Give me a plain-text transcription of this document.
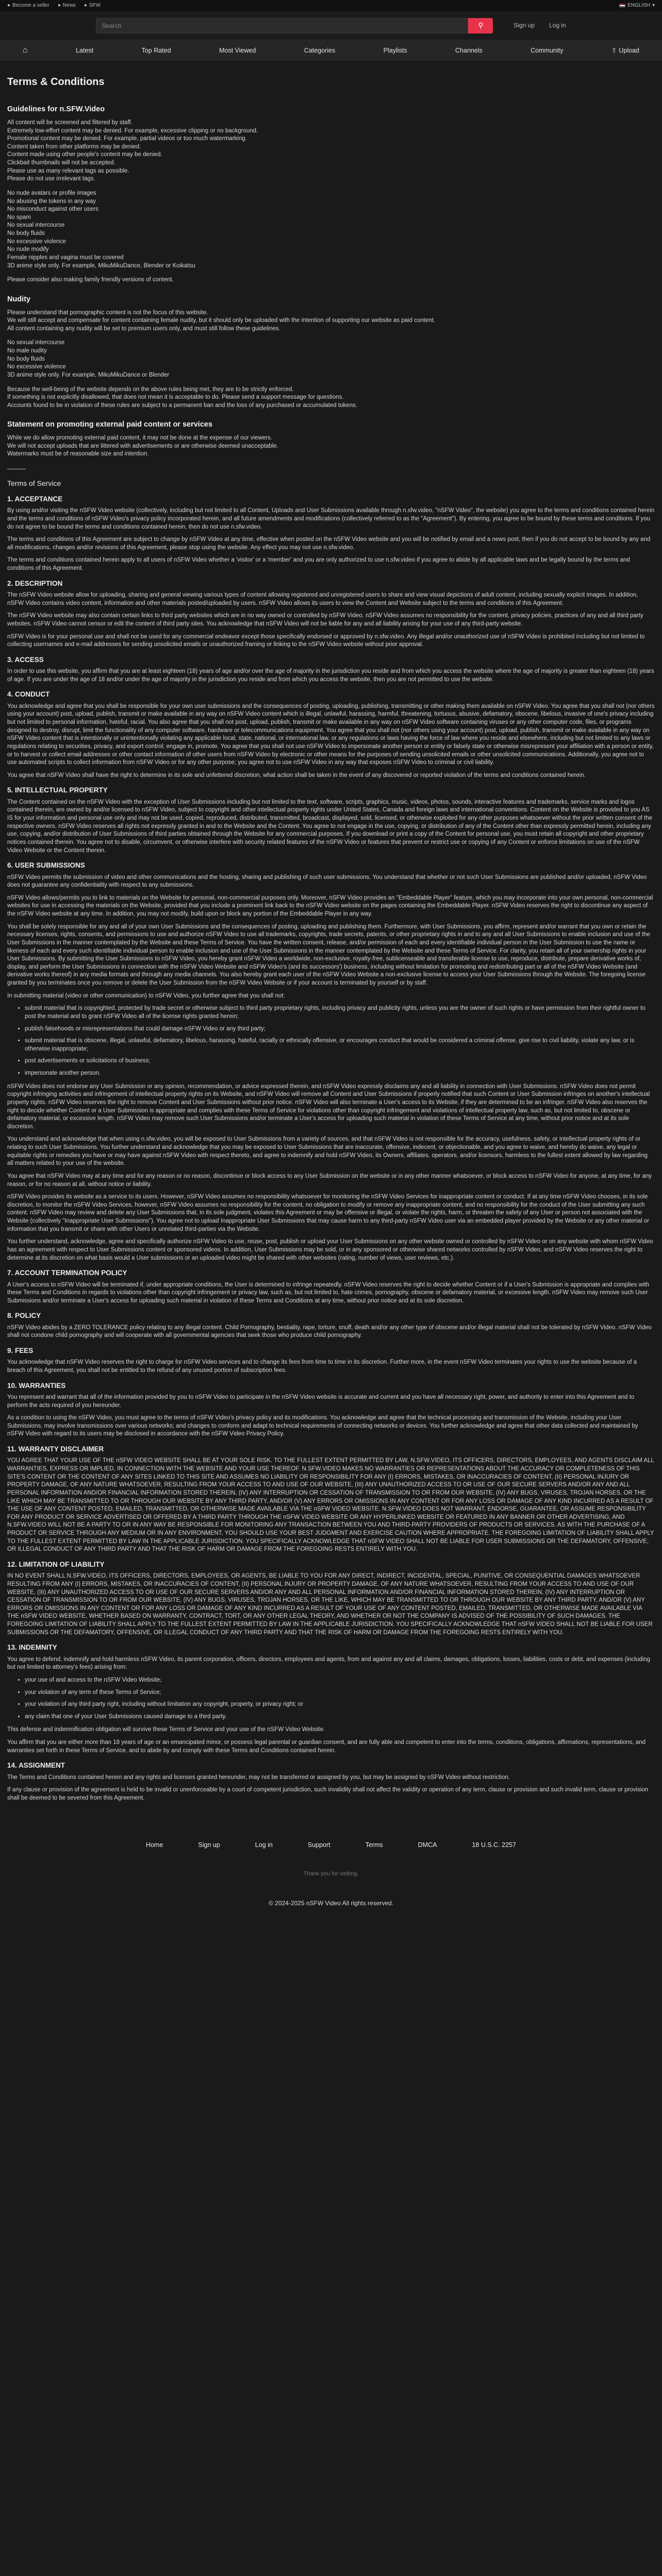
● Become a seller ● News ● SFW	ENGLISH ▾
Search
⚲	Sign up Log in
⌂	Latest	Top Rated	Most Viewed	Categories	Playlists	Channels	Community	⇧ Upload
Terms & Conditions
Guidelines for n.SFW.Video

All content will be screened and filtered by staff.

Extremely low-effort content may be denied. For example, excessive clipping or no background.

Promotional content may be denied. For example, partial videos or too much watermarking.

Content taken from other platforms may be denied.

Content made using other people's content may be denied.

Clickbait thumbnails will not be accepted.

Please use as many relevant tags as possible.

Please do not use irrelevant tags.

No nude avatars or profile images

No abusing the tokens in any way

No misconduct against other users

No spam

No sexual intercourse

No body fluids

No excessive violence

No nude modify

Female nipples and vagina must be covered

3D anime style only. For example, MikuMikuDance, Blender or Koikatsu

Please consider also making family friendly versions of content.

Nudity

Please understand that pornographic content is not the focus of this website.

We will still accept and compensate for content containing female nudity, but it should only be uploaded with the intention of supporting our website as paid content.

All content containing any nudity will be set to premium users only, and must still follow these guidelines.

No sexual intercourse

No male nudity

No body fluids

No excessive violence

3D anime style only. For example, MikuMikuDance or Blender

Because the well-being of the website depends on the above rules being met, they are to be strictly enforced.

If something is not explicitly disallowed, that does not mean it is acceptable to do. Please send a support message for questions.

Accounts found to be in violation of these rules are subject to a permanent ban and the loss of any purchased or accumulated tokens.

Statement on promoting external paid content or services

While we do allow promoting external paid content, it may not be done at the expense of our viewers.

We will not accept uploads that are littered with advertisements or are otherwise deemed unacceptable.

Watermarks must be of reasonable size and intention.

Terms of Service
1. ACCEPTANCE

By using and/or visiting the nSFW Video website (collectively, including but not limited to all Content, Uploads and User Submissions available through n.sfw.video, "nSFW Video", the website) you agree to the terms and conditions contained herein and the terms and conditions of nSFW Video's privacy policy incorporated herein, and all future amendments and modifications (collectively referred to as the "Agreement"). By entering, you agree to be bound by these terms and conditions. If you do not agree to be bound the terms and conditions contained herein, then do not use n.sfw.video.

The terms and conditions of this Agreement are subject to change by nSFW Video at any time, effective when posted on the nSFW Video website and you will be notified by email and a news post, then if you do not accept to be bound by any and all modifications, changes and/or revisions of this Agreement, please stop using the website. Any effect you may not use n.sfw.video.

The terms and conditions contained herein apply to all users of nSFW Video whether a 'visitor' or a 'member' and you are only authorized to use n.sfw.video if you agree to abide by all applicable laws and be legally bound by the terms and conditions of this Agreement.

2. DESCRIPTION

The nSFW Video website allow for uploading, sharing and general viewing various types of content allowing registered and unregistered users to share and view visual depictions of adult content, including sexually explicit images. In addition, nSFW Video contains video content, information and other materials posted/uploaded by users. nSFW Video allows its users to view the Content and Website subject to the terms and conditions of this Agreement.

The nSFW Video website may also contain certain links to third party websites which are in no way owned or controlled by nSFW Video. nSFW Video assumes no responsibility for the content, privacy policies, practices of any and all third party websites. nSFW Video cannot censor or edit the content of third party sites. You acknowledge that nSFW Video will not be liable for any and all liability arising for your use of any third-party website.

nSFW Video is for your personal use and shall not be used for any commercial endeavor except those specifically endorsed or approved by n.sfw.video. Any illegal and/or unauthorized use of nSFW Video is prohibited including but not limited to collecting usernames and e-mail addresses for sending unsolicited emails or unauthorized framing or linking to the nSFW Video website without prior approval.

3. ACCESS

In order to use this website, you affirm that you are at least eighteen (18) years of age and/or over the age of majority in the jurisdiction you reside and from which you access the website where the age of majority is greater than eighteen (18) years of age. If you are under the age of 18 and/or under the age of majority in the jurisdiction you reside and from which you access the website, then you are not permitted to use the website.

4. CONDUCT

You acknowledge and agree that you shall be responsible for your own user submissions and the consequences of posting, uploading, publishing, transmitting or other making them available on nSFW Video. You agree that you shall not (nor others using your account) post, upload, publish, transmit or make available in any way on nSFW Video content which is illegal, unlawful, harassing, harmful, threatening, tortuous, abusive, defamatory, obscene, libelous, invasive of one's privacy including but not limited to personal information, hateful, racial. You also agree that you shall not post, upload, publish, transmit or make available in any way on nSFW Video software containing viruses or any other computer code, files, or programs designed to destroy, disrupt, limit the functionality of any computer software, hardware or telecommunications equipment. You agree that you shall not (nor others using your account) post, upload, publish, transmit or make available in any way on nSFW Video content that is intentionally or unintentionally violating any applicable local, state, national, or international law, or any regulations or laws having the force of law where you reside and elsewhere, including but not limited to any laws or regulations relating to securities, privacy, and export control; engage in, promote. You agree that you shall not use nSFW Video to impersonate another person or entity or falsely state or otherwise misrepresent your affiliation with a person or entity, or to harvest or collect email addresses or other contact information of other users from nSFW Video by electronic or other means for the purposes of sending unsolicited emails or other unsolicited communications. Additionally, you agree not to use automated scripts to collect information from nSFW Video or for any other purpose; you agree not to use nSFW Video in any way that exposes nSFW Video to criminal or civil liability.

You agree that nSFW Video shall have the right to determine in its sole and unfettered discretion, what action shall be taken in the event of any discovered or reported violation of the terms and conditions contained herein.

5. INTELLECTUAL PROPERTY

The Content contained on the nSFW Video with the exception of User Submissions including but not limited to the text, software, scripts, graphics, music, videos, photos, sounds, interactive features and trademarks, service marks and logos contained therein, are owned by and/or licensed to nSFW Video, subject to copyright and other intellectual property rights under United States, Canada and foreign laws and international conventions. Content on the Website is provided to you AS IS for your information and personal use only and may not be used, copied, reproduced, distributed, transmitted, broadcast, displayed, sold, licensed, or otherwise exploited for any other purposes whatsoever without the prior written consent of the respective owners. nSFW Video reserves all rights not expressly granted in and to the Website and the Content. You agree to not engage in the use, copying, or distribution of any of the Content other than expressly permitted herein, including any use, copying, and/or distribution of User Submissions of third parties obtained through the Website for any commercial purposes. If you download or print a copy of the Content for personal use, you must retain all copyright and other proprietary notices contained therein. You agree not to disable, circumvent, or otherwise interfere with security related features of the nSFW Video or features that prevent or restrict use or copying of any Content or enforce limitations on use of the nSFW Video Website or the Content therein.

6. USER SUBMISSIONS

nSFW Video permits the submission of video and other communications and the hosting, sharing and publishing of such user submissions. You understand that whether or not such User Submissions are published and/or uploaded, nSFW Video does not guarantee any confidentiality with respect to any submissions.

nSFW Video allows/permits you to link to materials on the Website for personal, non-commercial purposes only. Moreover, nSFW Video provides an "Embeddable Player" feature, which you may incorporate into your own personal, non-commercial websites for use in accessing the materials on the Website, provided that you include a prominent link back to the nSFW Video website on the pages containing the Embeddable Player. nSFW Video reserves the right to discontinue any aspect of the nSFW Video website at any time. In addition, you may not modify, build upon or block any portion of the Embeddable Player in any way.

You shall be solely responsible for any and all of your own User Submissions and the consequences of posting, uploading and publishing them. Furthermore, with User Submissions, you affirm, represent and/or warrant that you own or retain the necessary licenses, rights, consents, and permissions to use and authorize nSFW Video to use all trademarks, copyrights, trade secrets, patents, or other proprietary rights in and to any and all User Submissions to enable inclusion and use of the User Submissions in the manner contemplated by the Website and these Terms of Service. You have the written consent, release, and/or permission of each and every identifiable individual person in the User Submission to use the name or likeness of each and every such identifiable individual person to enable inclusion and use of the User Submissions in the manner contemplated by the Website and these Terms of Service. For clarity, you retain all of your ownership rights in your User Submissions. By submitting the User Submissions to nSFW Video, you hereby grant nSFW Video a worldwide, non-exclusive, royalty-free, sublicenseable and transferable license to use, reproduce, distribute, prepare derivative works of, display, and perform the User Submissions in connection with the nSFW Video Website and nSFW Video's (and its successors') business, including without limitation for promoting and redistributing part or all of the nSFW Video Website (and derivative works thereof) in any media formats and through any media channels. You also hereby grant each user of the nSFW Video Website a non-exclusive license to access your User Submissions through the Website. The foregoing license granted by you terminates once you remove or delete the User Submission from the nSFW Video Website or if your account is terminated by yourself or by staff.

In submitting material (video or other communication) to nSFW Video, you further agree that you shall not:

• submit material that is copyrighted, protected by trade secret or otherwise subject to third party proprietary rights, including privacy and publicity rights, unless you are the owner of such rights or have permission from their rightful owner to post the material and to grant nSFW Video all of the license rights granted herein;
• publish falsehoods or misrepresentations that could damage nSFW Video or any third party;
• submit material that is obscene, illegal, unlawful, defamatory, libelous, harassing, hateful, racially or ethnically offensive, or encourages conduct that would be considered a criminal offense, give rise to civil liability, violate any law, or is otherwise inappropriate;
• post advertisements or solicitations of business;
• impersonate another person.

nSFW Video does not endorse any User Submission or any opinion, recommendation, or advice expressed therein, and nSFW Video expressly disclaims any and all liability in connection with User Submissions. nSFW Video does not permit copyright infringing activities and infringement of intellectual property rights on its Website, and nSFW Video will remove all Content and User Submissions if properly notified that such Content or User Submission infringes on another's intellectual property rights. nSFW Video reserves the right to remove Content and User Submissions without prior notice. nSFW Video will also terminate a User's access to its Website, if they are determined to be an infringer. nSFW Video also reserves the right to decide whether Content or a User Submission is appropriate and complies with these Terms of Service for violations other than copyright infringement and violations of intellectual property law, such as, but not limited to, obscene or defamatory material, or excessive length. nSFW Video may remove such User Submissions and/or terminate a User's access for uploading such material in violation of these Terms of Service at any time, without prior notice and at its sole discretion.

You understand and acknowledge that when using n.sfw.video, you will be exposed to User Submissions from a variety of sources, and that nSFW Video is not responsible for the accuracy, usefulness, safety, or intellectual property rights of or relating to such User Submissions. You further understand and acknowledge that you may be exposed to User Submissions that are inaccurate, offensive, indecent, or objectionable, and you agree to waive, and hereby do waive, any legal or equitable rights or remedies you have or may have against nSFW Video with respect thereto, and agree to indemnify and hold nSFW Video, its Owners, affiliates, operators, and/or licensors, harmless to the fullest extent allowed by law regarding all matters related to your use of the website.

You agree that nSFW Video may at any time and for any reason or no reason, discontinue or block access to any User Submission on the website or in any other manner whatsoever, or block access to nSFW Video for anyone, at any time, for any reason, or for no reason at all, without notice or liability.

nSFW Video provides its website as a service to its users. However, nSFW Video assumes no responsibility whatsoever for monitoring the nSFW Video Services for inappropriate content or conduct. If at any time nSFW Video chooses, in its sole discretion, to monitor the nSFW Video Services, however, nSFW Video assumes no responsibility for the content, no obligation to modify or remove any inappropriate content, and no responsibility for the conduct of the User submitting any such content. nSFW Video may review and delete any User Submissions that, in its sole judgment, violates this Agreement or may be offensive or illegal, or violate the rights, harm, or threaten the safety of any User or person not associated with the Website (collectively "Inappropriate User Submissions"). You agree not to upload Inappropriate User Submissions that may cause harm to any third-party nSFW Video user via an embedded player provided by the Website or any other material or information that you transmit or share with other Users or unrelated third-parties via the Website.

You further understand, acknowledge, agree and specifically authorize nSFW Video to use, reuse, post, publish or upload your User Submissions on any other website owned or controlled by nSFW Video or on any website with whom nSFW Video has an agreement with respect to User Submissions content or sponsored videos. In addition, User Submissions may be sold, or in any sponsored or otherwise shared networks controlled by nSFW Video, and nSFW Video reserves the right to determine at its discretion on what basis would a User submissions or an uploaded video might be shared with other websites (rating, number of views, user reviews, etc.).

7. ACCOUNT TERMINATION POLICY

A User's access to nSFW Video will be terminated if, under appropriate conditions, the User is determined to infringe repeatedly. nSFW Video reserves the right to decide whether Content or if a User's Submission is appropriate and complies with these Terms and Conditions in regards to violations other than copyright infringement or privacy law, such as, but not limited to, hate crimes, pornography, obscene or defamatory material, or excessive length. nSFW Video may remove such User Submissions and/or terminate a User's access for uploading such material in violation of these Terms and Conditions at any time, without prior notice and at its sole discretion.

8. POLICY

nSFW Video abides by a ZERO TOLERANCE policy relating to any illegal content. Child Pornography, bestiality, rape, torture, snuff, death and/or any other type of obscene and/or illegal material shall not be tolerated by nSFW Video. nSFW Video shall not condone child pornography and will cooperate with all governmental agencies that seek those who produce child pornography.

9. FEES

You acknowledge that nSFW Video reserves the right to charge for nSFW Video services and to change its fees from time to time in its discretion. Further more, in the event nSFW Video terminates your rights to use the website because of a breach of this Agreement, you shall not be entitled to the refund of any unused portion of subscription fees.

10. WARRANTIES

You represent and warrant that all of the information provided by you to nSFW Video to participate in the nSFW Video website is accurate and current and you have all necessary right, power, and authority to enter into this Agreement and to perform the acts required of you hereunder.

As a condition to using the nSFW Video, you must agree to the terms of nSFW Video's privacy policy and its modifications. You acknowledge and agree that the technical processing and transmission of the Website, including your User Submissions, may involve transmissions over various networks; and changes to conform and adapt to technical requirements of connecting networks or devices. You further acknowledge and agree that other data collected and maintained by nSFW Video with regard to its users may be disclosed in accordance with the nSFW Video Privacy Policy.

11. WARRANTY DISCLAIMER

YOU AGREE THAT YOUR USE OF THE nSFW VIDEO WEBSITE SHALL BE AT YOUR SOLE RISK. TO THE FULLEST EXTENT PERMITTED BY LAW, N.SFW.VIDEO, ITS OFFICERS, DIRECTORS, EMPLOYEES, AND AGENTS DISCLAIM ALL WARRANTIES, EXPRESS OR IMPLIED, IN CONNECTION WITH THE WEBSITE AND YOUR USE THEREOF. N.SFW.VIDEO MAKES NO WARRANTIES OR REPRESENTATIONS ABOUT THE ACCURACY OR COMPLETENESS OF THIS SITE'S CONTENT OR THE CONTENT OF ANY SITES LINKED TO THIS SITE AND ASSUMES NO LIABILITY OR RESPONSIBILITY FOR ANY (I) ERRORS, MISTAKES, OR INACCURACIES OF CONTENT, (II) PERSONAL INJURY OR PROPERTY DAMAGE, OF ANY NATURE WHATSOEVER, RESULTING FROM YOUR ACCESS TO AND USE OF OUR WEBSITE, (III) ANY UNAUTHORIZED ACCESS TO OR USE OF OUR SECURE SERVERS AND/OR ANY AND ALL PERSONAL INFORMATION AND/OR FINANCIAL INFORMATION STORED THEREIN, (IV) ANY INTERRUPTION OR CESSATION OF TRANSMISSION TO OR FROM OUR WEBSITE, (IV) ANY BUGS, VIRUSES, TROJAN HORSES, OR THE LIKE WHICH MAY BE TRANSMITTED TO OR THROUGH OUR WEBSITE BY ANY THIRD PARTY, AND/OR (V) ANY ERRORS OR OMISSIONS IN ANY CONTENT OR FOR ANY LOSS OR DAMAGE OF ANY KIND INCURRED AS A RESULT OF THE USE OF ANY CONTENT POSTED, EMAILED, TRANSMITTED, OR OTHERWISE MADE AVAILABLE VIA THE nSFW VIDEO WEBSITE. N.SFW.VIDEO DOES NOT WARRANT, ENDORSE, GUARANTEE, OR ASSUME RESPONSIBILITY FOR ANY PRODUCT OR SERVICE ADVERTISED OR OFFERED BY A THIRD PARTY THROUGH THE nSFW VIDEO WEBSITE OR ANY HYPERLINKED WEBSITE OR FEATURED IN ANY BANNER OR OTHER ADVERTISING, AND N.SFW.VIDEO WILL NOT BE A PARTY TO OR IN ANY WAY BE RESPONSIBLE FOR MONITORING ANY TRANSACTION BETWEEN YOU AND THIRD-PARTY PROVIDERS OF PRODUCTS OR SERVICES. AS WITH THE PURCHASE OF A PRODUCT OR SERVICE THROUGH ANY MEDIUM OR IN ANY ENVIRONMENT, YOU SHOULD USE YOUR BEST JUDGMENT AND EXERCISE CAUTION WHERE APPROPRIATE. THE FOREGOING LIMITATION OF LIABILITY SHALL APPLY TO THE FULLEST EXTENT PERMITTED BY LAW IN THE APPLICABLE JURISDICTION. YOU SPECIFICALLY ACKNOWLEDGE THAT nSFW VIDEO SHALL NOT BE LIABLE FOR USER SUBMISSIONS OR THE DEFAMATORY, OFFENSIVE, OR ILLEGAL CONDUCT OF ANY THIRD PARTY AND THAT THE RISK OF HARM OR DAMAGE FROM THE FOREGOING RESTS ENTIRELY WITH YOU.

12. LIMITATION OF LIABILITY

IN NO EVENT SHALL N.SFW.VIDEO, ITS OFFICERS, DIRECTORS, EMPLOYEES, OR AGENTS, BE LIABLE TO YOU FOR ANY DIRECT, INDIRECT, INCIDENTAL, SPECIAL, PUNITIVE, OR CONSEQUENTIAL DAMAGES WHATSOEVER RESULTING FROM ANY (I) ERRORS, MISTAKES, OR INACCURACIES OF CONTENT, (II) PERSONAL INJURY OR PROPERTY DAMAGE, OF ANY NATURE WHATSOEVER, RESULTING FROM YOUR ACCESS TO AND USE OF OUR WEBSITE, (III) ANY UNAUTHORIZED ACCESS TO OR USE OF OUR SECURE SERVERS AND/OR ANY AND ALL PERSONAL INFORMATION AND/OR FINANCIAL INFORMATION STORED THEREIN, (IV) ANY INTERRUPTION OR CESSATION OF TRANSMISSION TO OR FROM OUR WEBSITE, (IV) ANY BUGS, VIRUSES, TROJAN HORSES, OR THE LIKE, WHICH MAY BE TRANSMITTED TO OR THROUGH OUR WEBSITE BY ANY THIRD PARTY, AND/OR (V) ANY ERRORS OR OMISSIONS IN ANY CONTENT OR FOR ANY LOSS OR DAMAGE OF ANY KIND INCURRED AS A RESULT OF YOUR USE OF ANY CONTENT POSTED, EMAILED, TRANSMITTED, OR OTHERWISE MADE AVAILABLE VIA THE nSFW VIDEO WEBSITE, WHETHER BASED ON WARRANTY, CONTRACT, TORT, OR ANY OTHER LEGAL THEORY, AND WHETHER OR NOT THE COMPANY IS ADVISED OF THE POSSIBILITY OF SUCH DAMAGES. THE FOREGOING LIMITATION OF LIABILITY SHALL APPLY TO THE FULLEST EXTENT PERMITTED BY LAW IN THE APPLICABLE JURISDICTION. YOU SPECIFICALLY ACKNOWLEDGE THAT nSFW VIDEO SHALL NOT BE LIABLE FOR USER SUBMISSIONS OR THE DEFAMATORY, OFFENSIVE, OR ILLEGAL CONDUCT OF ANY THIRD PARTY AND THAT THE RISK OF HARM OR DAMAGE FROM THE FOREGOING RESTS ENTIRELY WITH YOU.

13. INDEMNITY

You agree to defend, indemnify and hold harmless nSFW Video, its parent corporation, officers, directors, employees and agents, from and against any and all claims, damages, obligations, losses, liabilities, costs or debt, and expenses (including but not limited to attorney's fees) arising from:

• your use of and access to the nSFW Video Website;
• your violation of any term of these Terms of Service;
• your violation of any third party right, including without limitation any copyright, property, or privacy right; or
• any claim that one of your User Submissions caused damage to a third party.

This defense and indemnification obligation will survive these Terms of Service and your use of the nSFW Video Website.

You affirm that you are either more than 18 years of age or an emancipated minor, or possess legal parental or guardian consent, and are fully able and competent to enter into the terms, conditions, obligations, affirmations, representations, and warranties set forth in these Terms of Service, and to abide by and comply with these Terms and Conditions contained herein.

14. ASSIGNMENT

The Terms and Conditions contained herein and any rights and licenses granted hereunder, may not be transferred or assigned by you, but may be assigned by nSFW Video without restriction.

If any clause or provision of the agreement is held to be invalid or unenforceable by a court of competent jurisdiction, such invalidity shall not affect the validity or operation of any term, clause or provision and such invalid term, clause or provision shall be deemed to be severed from this Agreement.

Home	Sign up	Log in	Support	Terms	DMCA	18 U.S.C. 2257
Thank you for visiting.
© 2024-2025 nSFW Video All rights reserved.
